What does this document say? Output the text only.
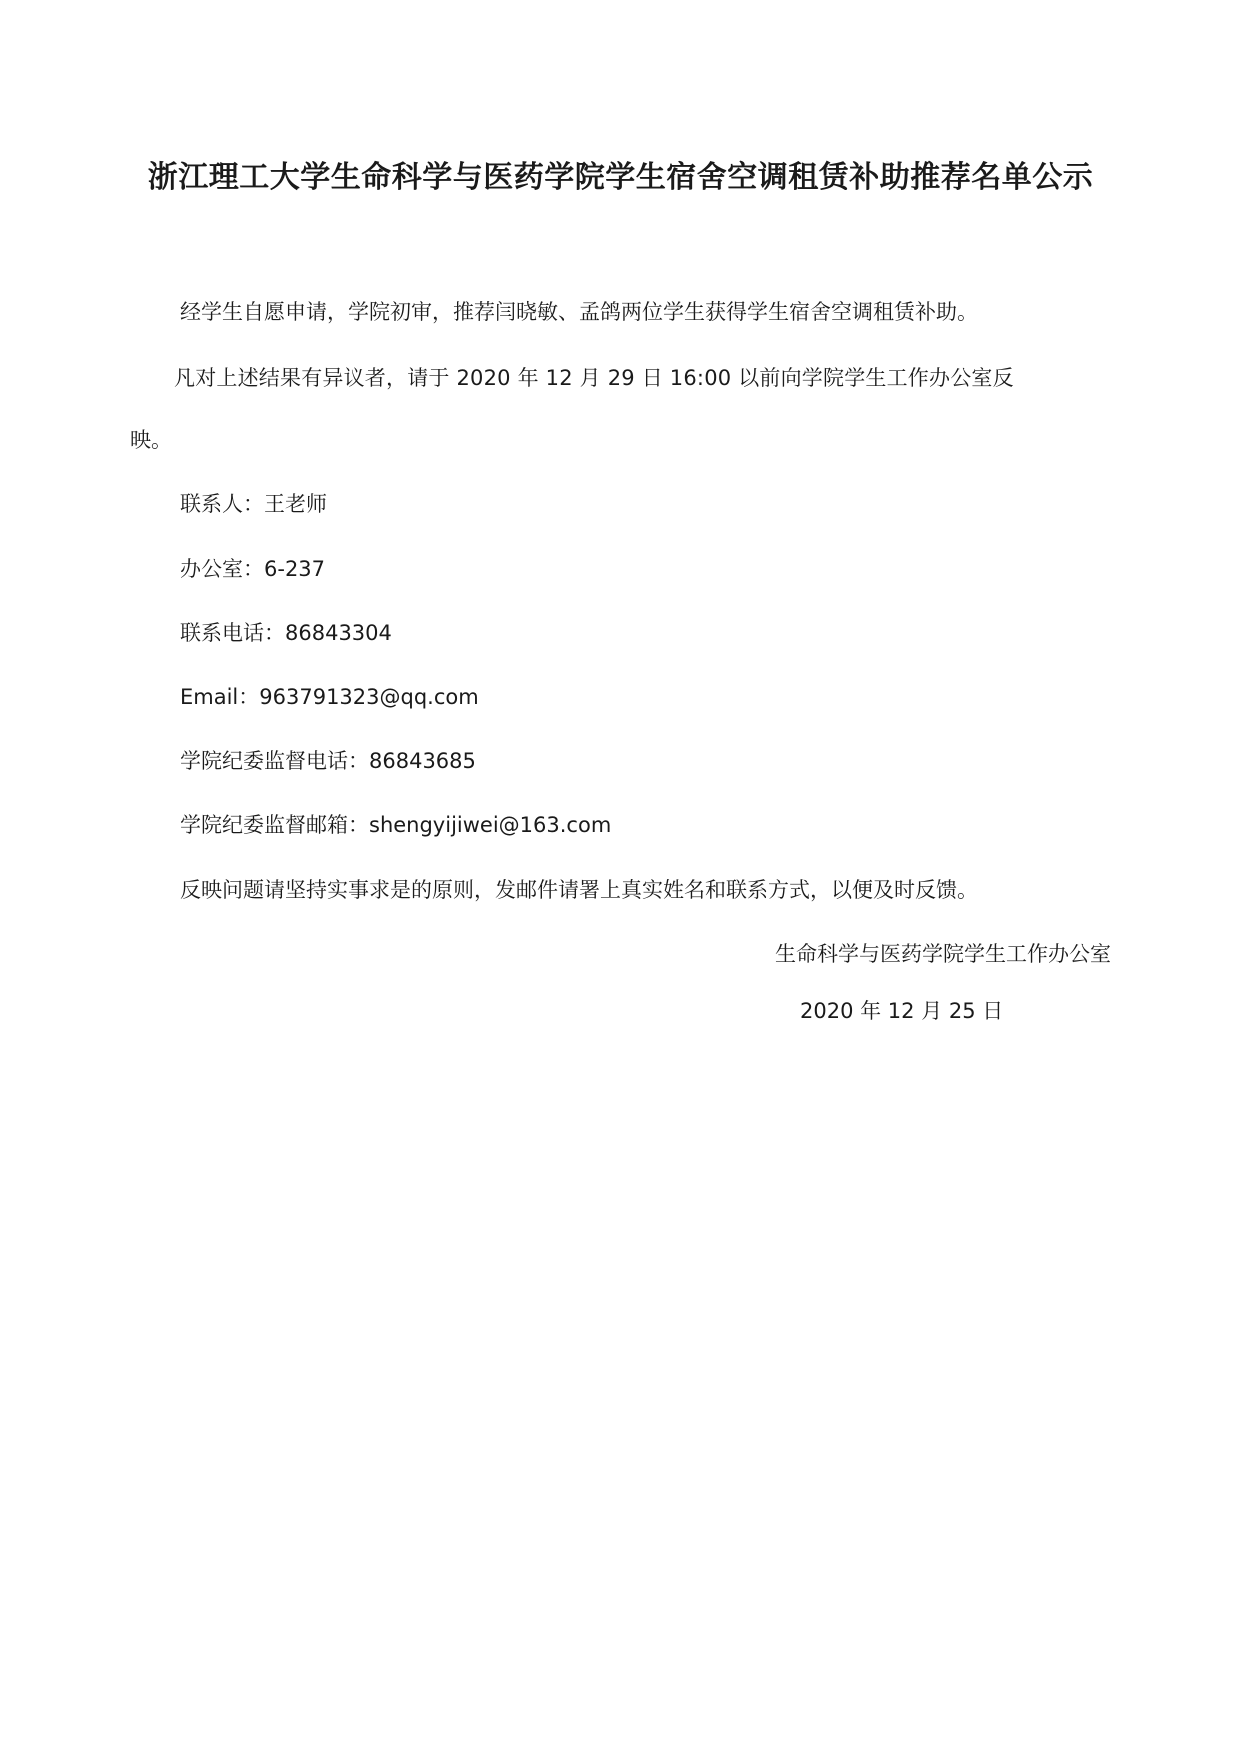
浙江理工大学生命科学与医药学院学生宿舍空调租赁补助推荐名单公示
经学生自愿申请，学院初审，推荐闫晓敏、孟鸽两位学生获得学生宿舍空调租赁补助。
凡对上述结果有异议者，请于 2020 年 12 月 29 日 16:00 以前向学院学生工作办公室反
映。
联系人：王老师
办公室：6-237
联系电话：86843304
Email：963791323@qq.com
学院纪委监督电话：86843685
学院纪委监督邮箱：shengyijiwei@163.com
反映问题请坚持实事求是的原则，发邮件请署上真实姓名和联系方式，以便及时反馈。
生命科学与医药学院学生工作办公室
2020 年 12 月 25 日
